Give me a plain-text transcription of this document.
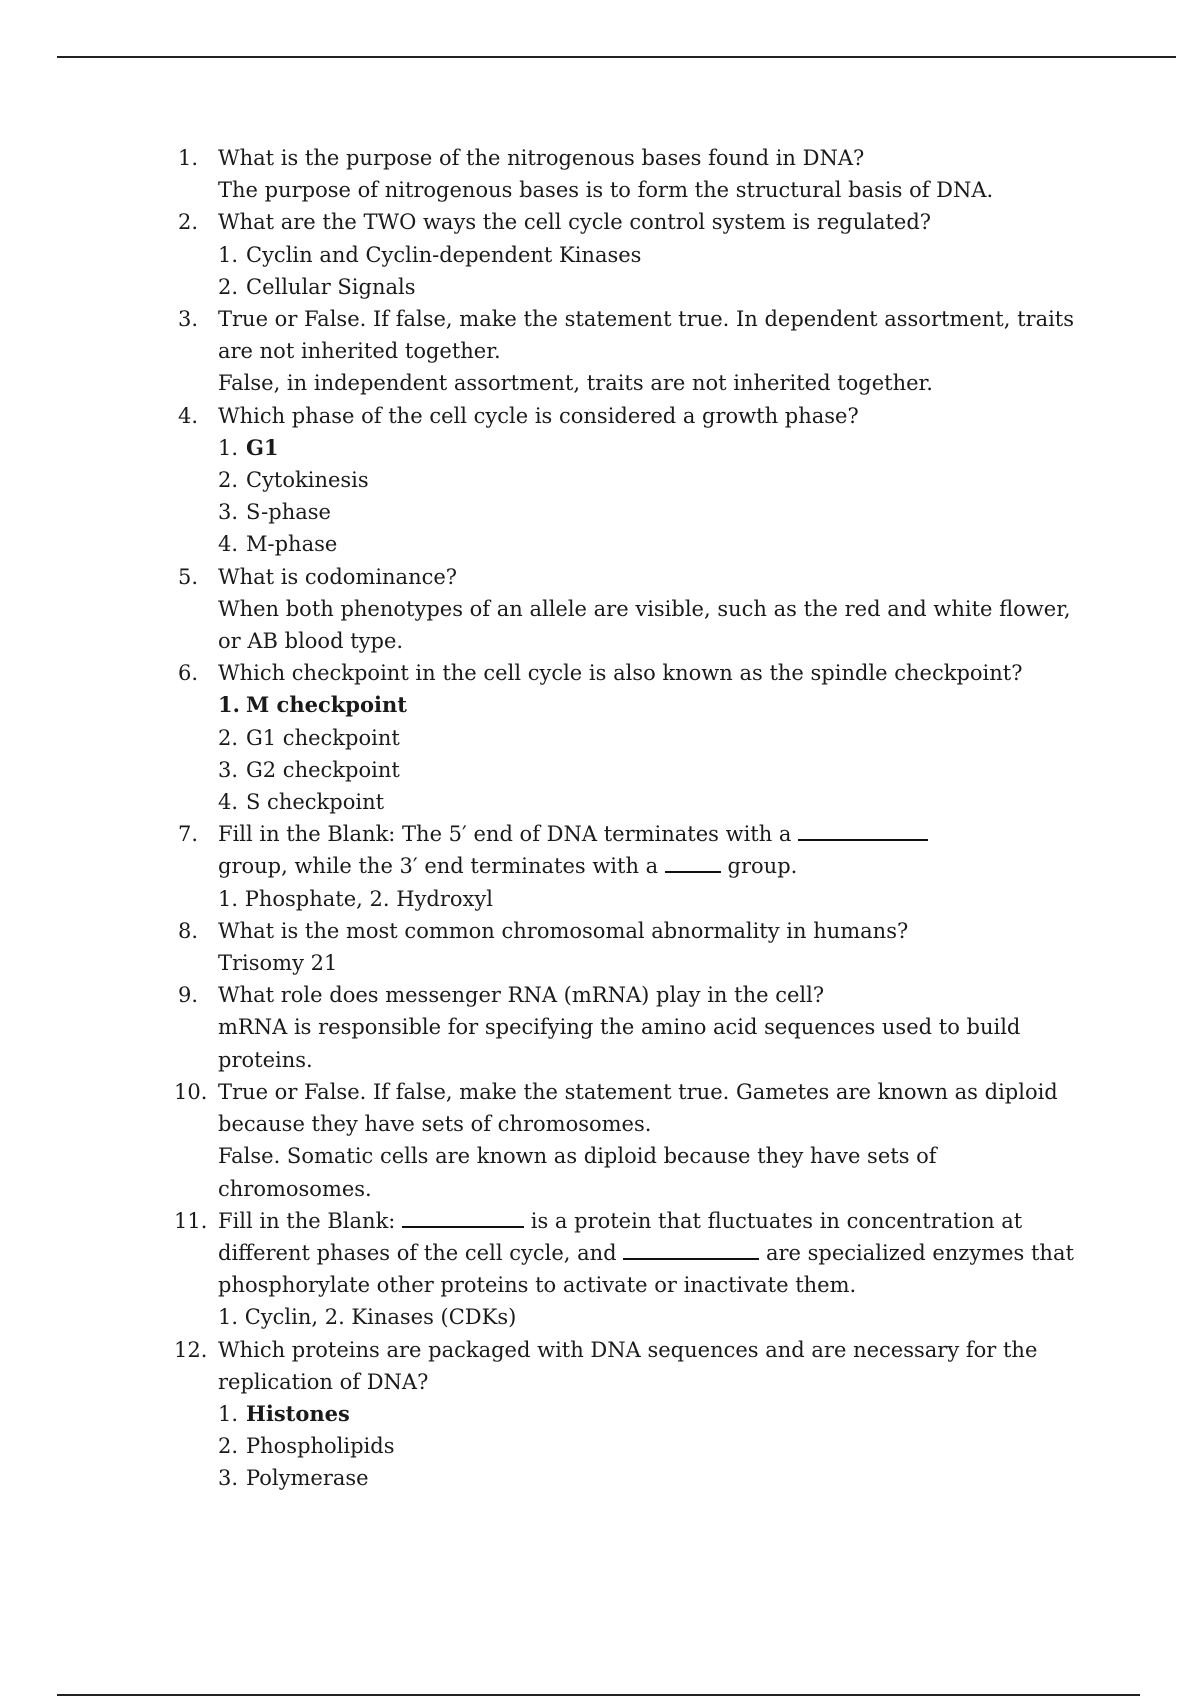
1. What is the purpose of the nitrogenous bases found in DNA?
The purpose of nitrogenous bases is to form the structural basis of DNA.
2. What are the TWO ways the cell cycle control system is regulated?
1. Cyclin and Cyclin-dependent Kinases
2. Cellular Signals
3. True or False. If false, make the statement true. In dependent assortment, traits are not inherited together.
False, in independent assortment, traits are not inherited together.
4. Which phase of the cell cycle is considered a growth phase?
1. G1
2. Cytokinesis
3. S-phase
4. M-phase
5. What is codominance?
When both phenotypes of an allele are visible, such as the red and white flower, or AB blood type.
6. Which checkpoint in the cell cycle is also known as the spindle checkpoint?
1. M checkpoint
2. G1 checkpoint
3. G2 checkpoint
4. S checkpoint
7. Fill in the Blank: The 5′ end of DNA terminates with a
group, while the 3′ end terminates with a	group.
1. Phosphate, 2. Hydroxyl
8. What is the most common chromosomal abnormality in humans?
Trisomy 21
9. What role does messenger RNA (mRNA) play in the cell?
mRNA is responsible for specifying the amino acid sequences used to build proteins.
10. True or False. If false, make the statement true. Gametes are known as diploid because they have sets of chromosomes.
False. Somatic cells are known as diploid because they have sets of chromosomes.
11. Fill in the Blank:	is a protein that fluctuates in concentration at different phases of the cell cycle, and	are specialized enzymes that phosphorylate other proteins to activate or inactivate them.
1. Cyclin, 2. Kinases (CDKs)
12. Which proteins are packaged with DNA sequences and are necessary for the replication of DNA?
1. Histones
2. Phospholipids
3. Polymerase
